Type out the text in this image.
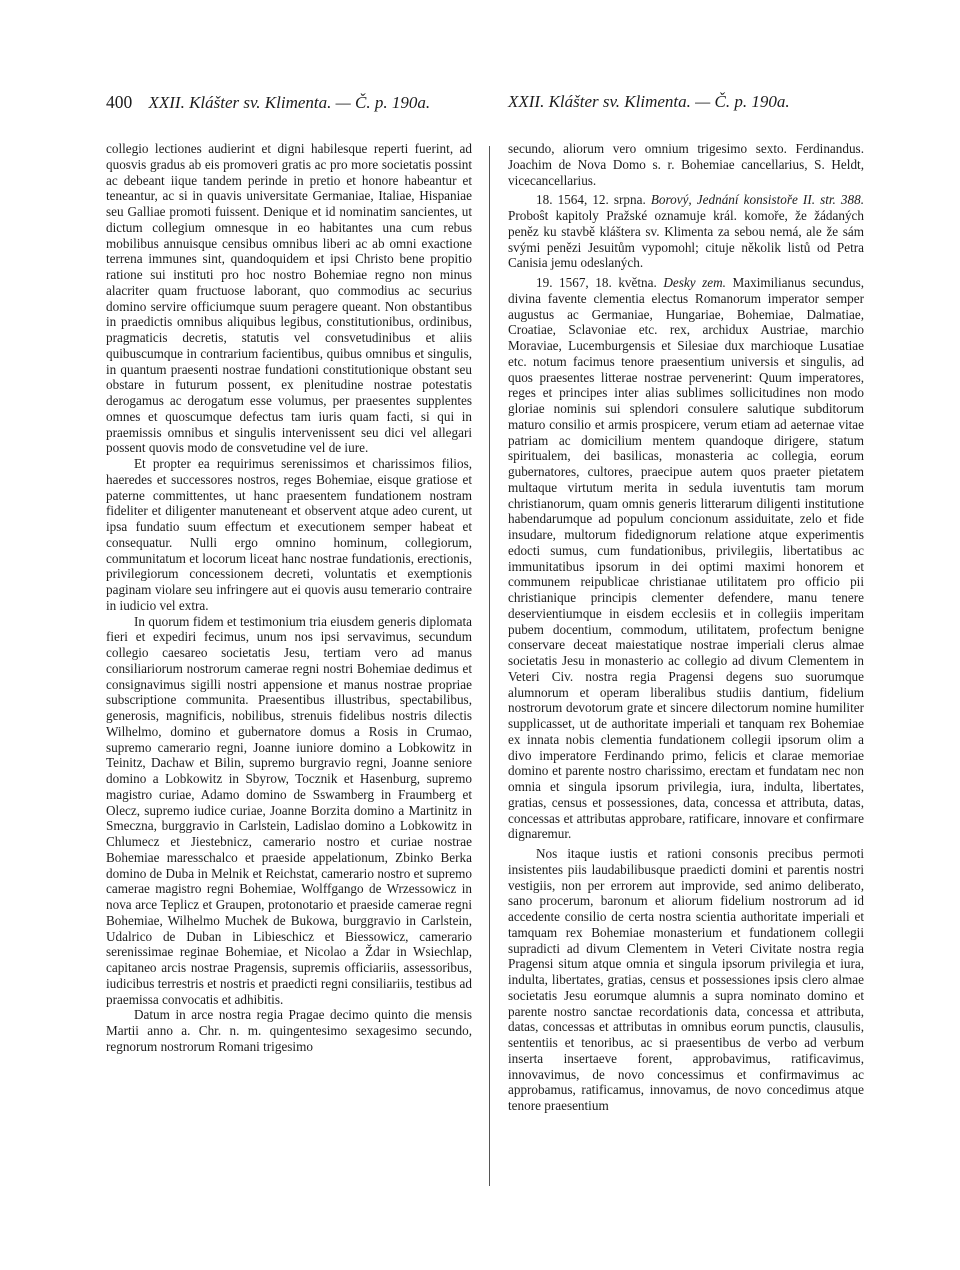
400 XXII. Klášter sv. Klimenta. — Č. p. 190a.	XXII. Klášter sv. Klimenta. — Č. p. 190a.

collegio lectiones audierint et digni habilesque reperti fuerint, ad quosvis gradus ab eis promoveri gratis ac pro more societatis possint ac debeant iique tandem perinde in pretio et honore habeantur et teneantur, ac si in quavis universitate Germaniae, Italiae, Hispaniae seu Galliae promoti fuissent. Denique et id nominatim sancientes, ut dictum collegium omnesque in eo habitantes una cum rebus mobilibus annuisque censibus omnibus liberi ac ab omni exactione terrena immunes sint, quandoquidem et ipsi Christo bene propitio ratione sui instituti pro hoc nostro Bohemiae regno non minus alacriter quam fructuose laborant, quo commodius ac securius domino servire officiumque suum peragere queant. Non obstantibus in praedictis omnibus aliquibus legibus, constitutionibus, ordinibus, pragmaticis decretis, statutis vel consvetudinibus et aliis quibuscumque in contrarium facientibus, quibus omnibus et singulis, in quantum praesenti nostrae fundationi constitutionique obstant seu obstare in futurum possent, ex plenitudine nostrae potestatis derogamus ac derogatum esse volumus, per praesentes supplentes omnes et quoscumque defectus tam iuris quam facti, si qui in praemissis omnibus et singulis intervenissent seu dici vel allegari possent quovis modo de consvetudine vel de iure.

Et propter ea requirimus serenissimos et charissimos filios, haeredes et successores nostros, reges Bohemiae, eisque gratiose et paterne committentes, ut hanc praesentem fundationem nostram fideliter et diligenter manuteneant et observent atque adeo curent, ut ipsa fundatio suum effectum et executionem semper habeat et consequatur. Nulli ergo omnino hominum, collegiorum, communitatum et locorum liceat hanc nostrae fundationis, erectionis, privilegiorum concessionem decreti, voluntatis et exemptionis paginam violare seu infringere aut ei quovis ausu temerario contraire in iudicio vel extra.

In quorum fidem et testimonium tria eiusdem generis diplomata fieri et expediri fecimus, unum nos ipsi servavimus, secundum collegio caesareo societatis Jesu, tertiam vero ad manus consiliariorum nostrorum camerae regni nostri Bohemiae dedimus et consignavimus sigilli nostri appensione et manus nostrae propriae subscriptione communita. Praesentibus illustribus, spectabilibus, generosis, magnificis, nobilibus, strenuis fidelibus nostris dilectis Wilhelmo, domino et gubernatore domus a Rosis in Crumao, supremo camerario regni, Joanne iuniore domino a Lobkowitz in Teinitz, Dachaw et Bilin, supremo burgravio regni, Joanne seniore domino a Lobkowitz in Sbyrow, Tocznik et Hasenburg, supremo magistro curiae, Adamo domino de Sswamberg in Fraumberg et Olecz, supremo iudice curiae, Joanne Borzita domino a Martinitz in Smeczna, burggravio in Carlstein, Ladislao domino a Lobkowitz in Chlumecz et Jiestebnicz, camerario nostro et curiae nostrae Bohemiae maresschalco et praeside appelationum, Zbinko Berka domino de Duba in Melnik et Reichstat, camerario nostro et supremo camerae magistro regni Bohemiae, Wolffgango de Wrzessowicz in nova arce Teplicz et Graupen, protonotario et praeside camerae regni Bohemiae, Wilhelmo Muchek de Bukowa, burggravio in Carlstein, Udalrico de Duban in Libieschicz et Biessowicz, camerario serenissimae reginae Bohemiae, et Nicolao a Ždar in Wsiechlap, capitaneo arcis nostrae Pragensis, supremis officiariis, assessoribus, iudicibus terrestris et nostris et praedicti regni consiliariis, testibus ad praemissa convocatis et adhibitis.

Datum in arce nostra regia Pragae decimo quinto die mensis Martii anno a. Chr. n. m. quingentesimo sexagesimo secundo, regnorum nostrorum Romani trigesimo

secundo, aliorum vero omnium trigesimo sexto. Ferdinandus. Joachim de Nova Domo s. r. Bohemiae cancellarius, S. Heldt, vicecancellarius.

18. 1564, 12. srpna. Borový, Jednání konsistoře II. str. 388. Proboŝt kapitoly Pražské oznamuje král. komoře, že žádaných peněz ku stavbě kláštera sv. Klimenta za sebou nemá, ale že sám svými penězi Jesuitům vypomohl; cituje několik listů od Petra Canisia jemu odeslaných.

19. 1567, 18. května. Desky zem. Maximilianus secundus, divina favente clementia electus Romanorum imperator semper augustus ac Germaniae, Hungariae, Bohemiae, Dalmatiae, Croatiae, Sclavoniae etc. rex, archidux Austriae, marchio Moraviae, Lucemburgensis et Silesiae dux marchioque Lusatiae etc. notum facimus tenore praesentium universis et singulis, ad quos praesentes litterae nostrae pervenerint: Quum imperatores, reges et principes inter alias sublimes sollicitudines non modo gloriae nominis sui splendori consulere salutique subditorum maturo consilio et armis prospicere, verum etiam ad aeternae vitae patriam ac domicilium mentem quandoque dirigere, statum spiritualem, dei basilicas, monasteria ac collegia, eorum gubernatores, cultores, praecipue autem quos praeter pietatem multaque virtutum merita in sedula iuventutis tam morum christianorum, quam omnis generis litterarum diligenti institutione habendarumque ad populum concionum assiduitate, zelo et fide insudare, multorum fidedignorum relatione atque experimentis edocti sumus, cum fundationibus, privilegiis, libertatibus ac immunitatibus ipsorum in dei optimi maximi honorem et communem reipublicae christianae utilitatem pro officio pii christianique principis clementer defendere, manu tenere deservientiumque in eisdem ecclesiis et in collegiis imperitam pubem docentium, commodum, utilitatem, profectum benigne conservare deceat maiestatique nostrae imperiali clerus almae societatis Jesu in monasterio ac collegio ad divum Clementem in Veteri Civ. nostra regia Pragensi degens suo suorumque alumnorum et operam liberalibus studiis dantium, fidelium nostrorum devotorum grate et sincere dilectorum nomine humiliter supplicasset, ut de authoritate imperiali et tanquam rex Bohemiae ex innata nobis clementia fundationem collegii ipsorum olim a divo imperatore Ferdinando primo, felicis et clarae memoriae domino et parente nostro charissimo, erectam et fundatam nec non omnia et singula ipsorum privilegia, iura, indulta, libertates, gratias, census et possessiones, data, concessa et attributa, datas, concessas et attributas approbare, ratificare, innovare et confirmare dignaremur.

Nos itaque iustis et rationi consonis precibus permoti insistentes piis laudabilibusque praedicti domini et parentis nostri vestigiis, non per errorem aut improvide, sed animo deliberato, sano procerum, baronum et aliorum fidelium nostrorum ad id accedente consilio de certa nostra scientia authoritate imperiali et tamquam rex Bohemiae monasterium et fundationem collegii supradicti ad divum Clementem in Veteri Civitate nostra regia Pragensi situm atque omnia et singula ipsorum privilegia et iura, indulta, libertates, gratias, census et possessiones ipsis clero almae societatis Jesu eorumque alumnis a supra nominato domino et parente nostro sanctae recordationis data, concessa et attributa, datas, concessas et attributas in omnibus eorum punctis, clausulis, sententiis et tenoribus, ac si praesentibus de verbo ad verbum inserta insertaeve forent, approbavimus, ratificavimus, innovavimus, de novo concessimus et confirmavimus ac approbamus, ratificamus, innovamus, de novo concedimus atque tenore praesentium
